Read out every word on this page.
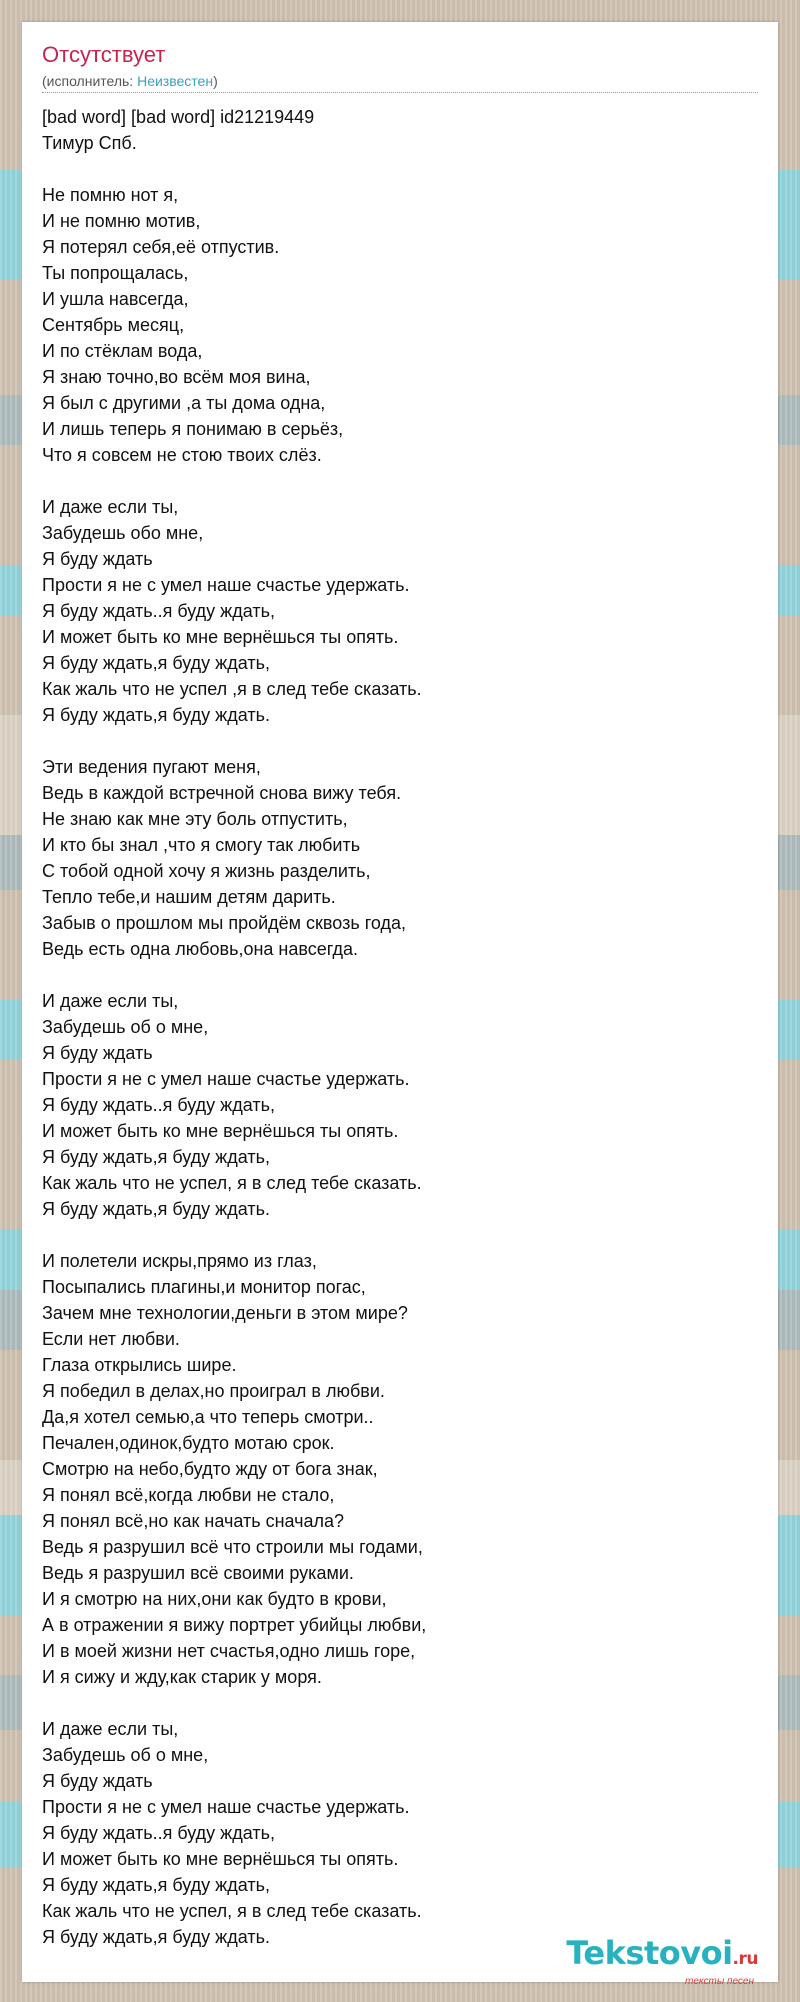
Отсутствует
(исполнитель: Неизвестен)
[bad word] [bad word] id21219449
Тимур Спб.
Не помню нот я,
И не помню мотив,
Я потерял себя,её отпустив.
Ты попрощалась,
И ушла навсегда,
Сентябрь месяц,
И по стёклам вода,
Я знаю точно,во всём моя вина,
Я был с другими ,а ты дома одна,
И лишь теперь я понимаю в серьёз,
Что я совсем не стою твоих слёз.
И даже если ты,
Забудешь обо мне,
Я буду ждать
Прости я не с умел наше счастье удержать.
Я буду ждать..я буду ждать,
И может быть ко мне вернёшься ты опять.
Я буду ждать,я буду ждать,
Как жаль что не успел ,я в след тебе сказать.
Я буду ждать,я буду ждать.
Эти ведения пугают меня,
Ведь в каждой встречной снова вижу тебя.
Не знаю как мне эту боль отпустить,
И кто бы знал ,что я смогу так любить
С тобой одной хочу я жизнь разделить,
Тепло тебе,и нашим детям дарить.
Забыв о прошлом мы пройдём сквозь года,
Ведь есть одна любовь,она навсегда.
И даже если ты,
Забудешь об о мне,
Я буду ждать
Прости я не с умел наше счастье удержать.
Я буду ждать..я буду ждать,
И может быть ко мне вернёшься ты опять.
Я буду ждать,я буду ждать,
Как жаль что не успел, я в след тебе сказать.
Я буду ждать,я буду ждать.
И полетели искры,прямо из глаз,
Посыпались плагины,и монитор погас,
Зачем мне технологии,деньги в этом мире?
Если нет любви.
Глаза открылись шире.
Я победил в делах,но проиграл в любви.
Да,я хотел семью,а что теперь смотри..
Печален,одинок,будто мотаю срок.
Смотрю на небо,будто жду от бога знак,
Я понял всё,когда любви не стало,
Я понял всё,но как начать сначала?
Ведь я разрушил всё что строили мы годами,
Ведь я разрушил всё своими руками.
И я смотрю на них,они как будто в крови,
А в отражении я вижу портрет убийцы любви,
И в моей жизни нет счастья,одно лишь горе,
И я сижу и жду,как старик у моря.
И даже если ты,
Забудешь об о мне,
Я буду ждать
Прости я не с умел наше счастье удержать.
Я буду ждать..я буду ждать,
И может быть ко мне вернёшься ты опять.
Я буду ждать,я буду ждать,
Как жаль что не успел, я в след тебе сказать.
Я буду ждать,я буду ждать.	Tekstovoi.ru
тексты песен
